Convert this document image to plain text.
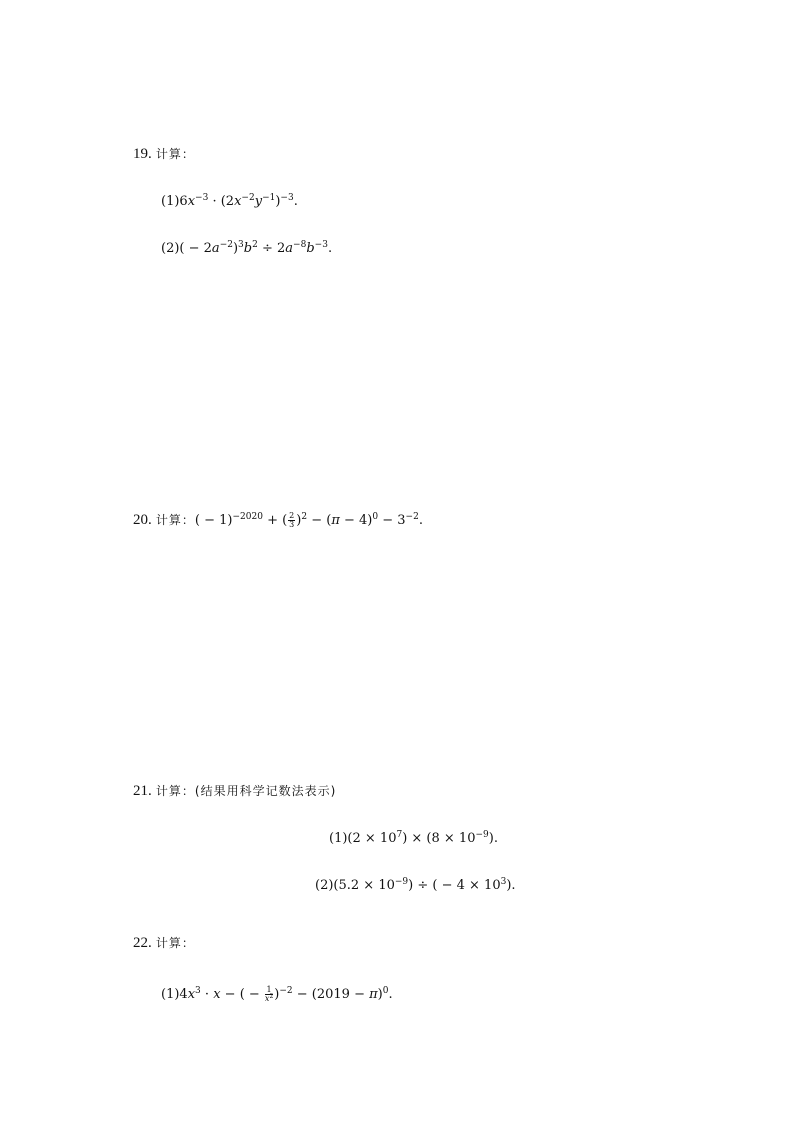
19. 计算：
$(1)6x^{-3} \cdot (2x^{-2}y^{-1})^{-3}$.
$(2)( - 2a^{-2})^3b^2 \div 2a^{-8}b^{-3}$.
20. 计算：( − 1)$^{-2020}$ + ( $\frac{2}{3} )^2 - (\pi - 4)^0 - 3^{-2}$.
21. 计算：(结果用科学记数法表示)
$(1)(2 \times 10^7) \times (8 \times 10^{-9})$.
$(2)(5.2 \times 10^{-9})$ ÷ ( − $4 \times 10^3$).
22. 计算：
$(1)4x^3 \cdot x$ − ( − $\frac{1}{x^2} )^{-2} - (2019 - \pi)^0$.
